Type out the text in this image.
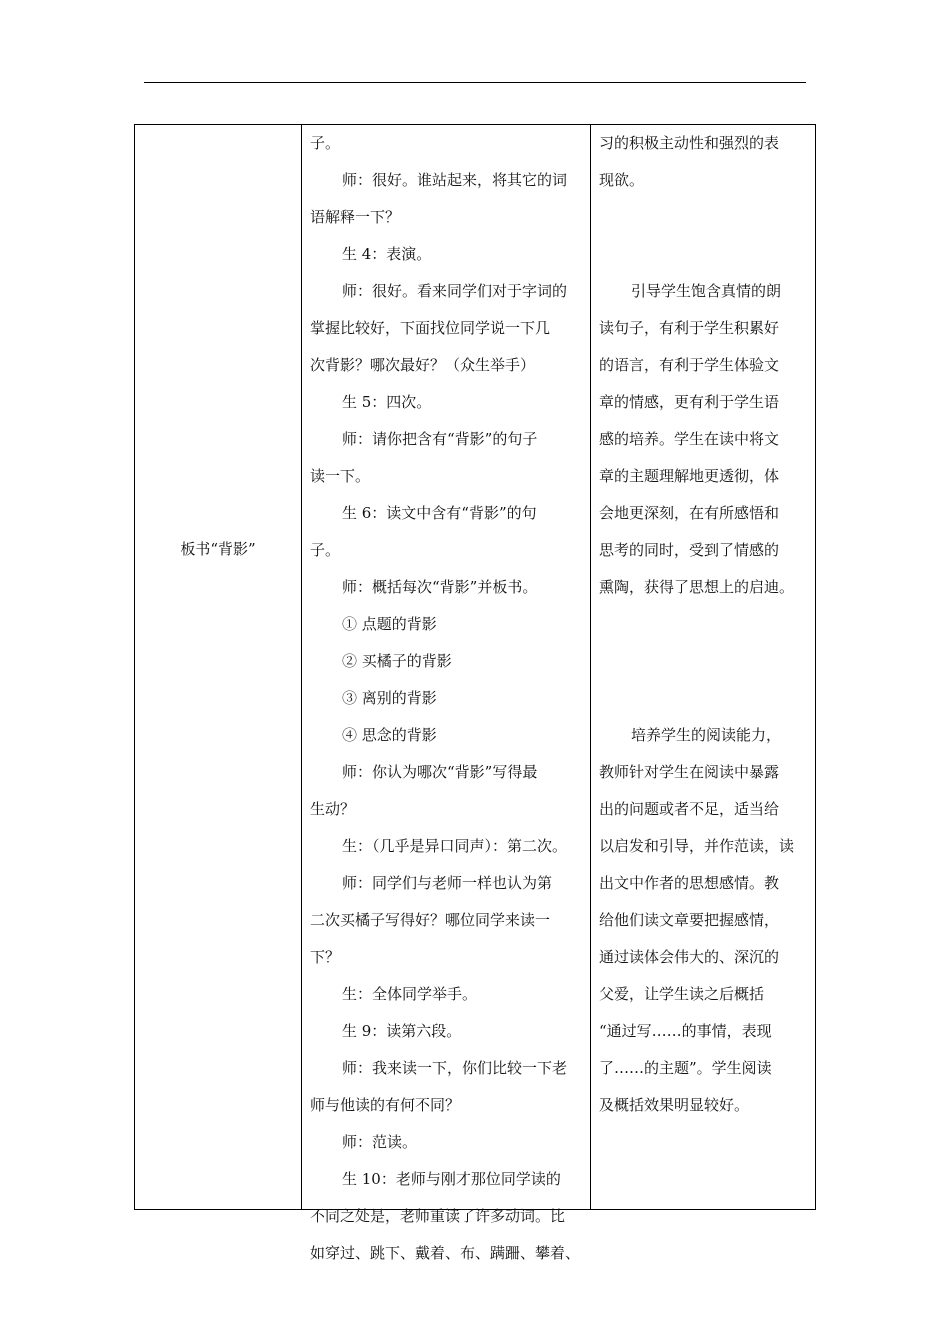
板书“背影”
子。
师：很好。谁站起来，将其它的词
语解释一下？
生 4：表演。
师：很好。看来同学们对于字词的
掌握比较好，下面找位同学说一下几
次背影？哪次最好？（众生举手）
生 5：四次。
师：请你把含有“背影”的句子
读一下。
生 6：读文中含有“背影”的句
子。
师：概括每次“背影”并板书。
① 点题的背影
② 买橘子的背影
③ 离别的背影
④ 思念的背影
师：你认为哪次“背影”写得最
生动？
生：（几乎是异口同声）：第二次。
师：同学们与老师一样也认为第
二次买橘子写得好？哪位同学来读一
下？
生：全体同学举手。
生 9：读第六段。
师：我来读一下，你们比较一下老
师与他读的有何不同？
师：范读。
生 10：老师与刚才那位同学读的
不同之处是，老师重读了许多动词。比
如穿过、跳下、戴着、布、蹒跚、攀着、
习的积极主动性和强烈的表
现欲。
引导学生饱含真情的朗
读句子，有利于学生积累好
的语言，有利于学生体验文
章的情感，更有利于学生语
感的培养。学生在读中将文
章的主题理解地更透彻，体
会地更深刻，在有所感悟和
思考的同时，受到了情感的
熏陶，获得了思想上的启迪。
培养学生的阅读能力，
教师针对学生在阅读中暴露
出的问题或者不足，适当给
以启发和引导，并作范读，读
出文中作者的思想感情。教
给他们读文章要把握感情，
通过读体会伟大的、深沉的
父爱，让学生读之后概括
“通过写……的事情，表现
了……的主题”。学生阅读
及概括效果明显较好。
